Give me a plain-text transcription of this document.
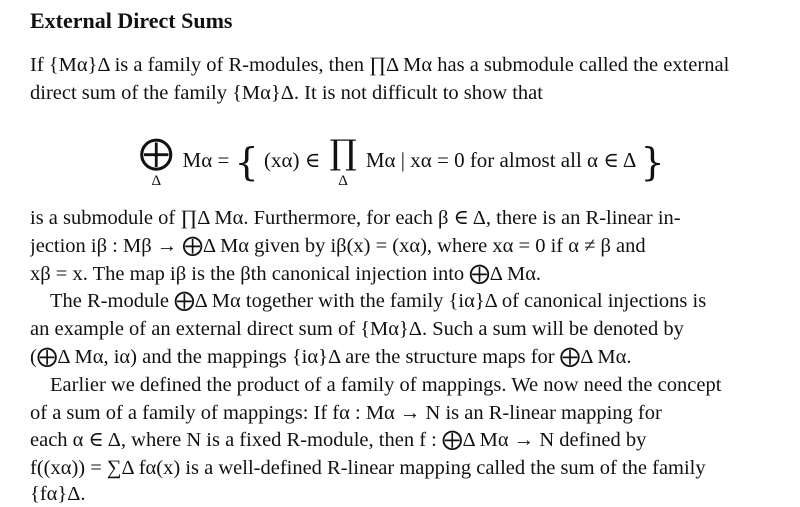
External Direct Sums
If {Mα}Δ is a family of R-modules, then ∏Δ Mα has a submodule called the external
direct sum of the family {Mα}Δ. It is not difficult to show that
⨁
Δ
Mα = { (xα) ∈ ∏
Δ
Mα | xα = 0 for almost all α ∈ Δ }
is a submodule of ∏Δ Mα. Furthermore, for each β ∈ Δ, there is an R-linear in-
jection iβ : Mβ → ⨁Δ Mα given by iβ(x) = (xα), where xα = 0 if α ≠ β and
xβ = x. The map iβ is the βth canonical injection into ⨁Δ Mα.
The R-module ⨁Δ Mα together with the family {iα}Δ of canonical injections is
an example of an external direct sum of {Mα}Δ. Such a sum will be denoted by
(⨁Δ Mα, iα) and the mappings {iα}Δ are the structure maps for ⨁Δ Mα.
Earlier we defined the product of a family of mappings. We now need the concept
of a sum of a family of mappings: If fα : Mα → N is an R-linear mapping for
each α ∈ Δ, where N is a fixed R-module, then f : ⨁Δ Mα → N defined by
f((xα)) = ∑Δ fα(x) is a well-defined R-linear mapping called the sum of the family
{fα}Δ.
